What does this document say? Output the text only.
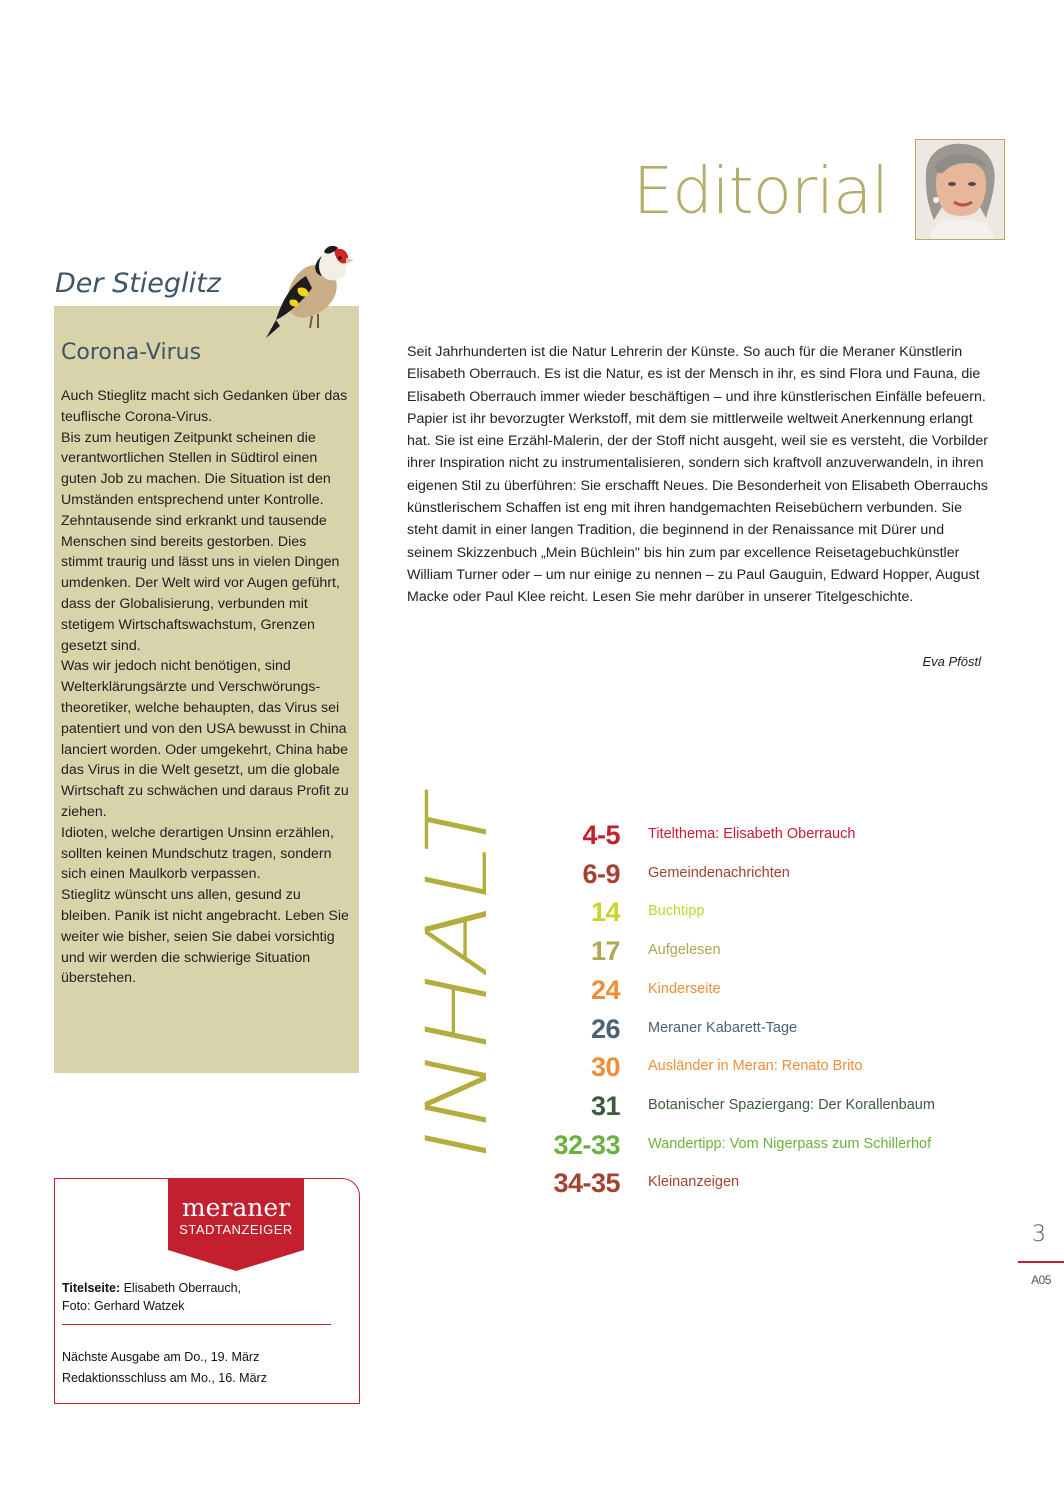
Editorial
Der Stieglitz
Corona-Virus

Auch Stieglitz macht sich Gedanken über das teuflische Corona-Virus.

Bis zum heutigen Zeitpunkt scheinen die verantwortlichen Stellen in Südtirol einen guten Job zu machen. Die Situation ist den Umständen entsprechend unter Kontrolle. Zehntausende sind erkrankt und tausende Menschen sind bereits gestorben. Dies stimmt traurig und lässt uns in vielen Dingen umdenken. Der Welt wird vor Augen geführt, dass der Globalisierung, verbunden mit stetigem Wirtschaftswachstum, Grenzen gesetzt sind.

Was wir jedoch nicht benötigen, sind Welterklärungsärzte und Verschwörungs-theoretiker, welche behaupten, das Virus sei patentiert und von den USA bewusst in China lanciert worden. Oder umgekehrt, China habe das Virus in die Welt gesetzt, um die globale Wirtschaft zu schwächen und daraus Profit zu ziehen.

Idioten, welche derartigen Unsinn erzählen, sollten keinen Mundschutz tragen, sondern sich einen Maulkorb verpassen.

Stieglitz wünscht uns allen, gesund zu bleiben. Panik ist nicht angebracht. Leben Sie weiter wie bisher, seien Sie dabei vorsichtig und wir werden die schwierige Situation überstehen.

Seit Jahrhunderten ist die Natur Lehrerin der Künste. So auch für die Meraner Künstlerin Elisabeth Oberrauch. Es ist die Natur, es ist der Mensch in ihr, es sind Flora und Fauna, die Elisabeth Oberrauch immer wieder beschäftigen – und ihre künstlerischen Einfälle befeuern. Papier ist ihr bevorzugter Werkstoff, mit dem sie mittlerweile weltweit Anerkennung erlangt hat. Sie ist eine Erzähl-Malerin, der der Stoff nicht ausgeht, weil sie es versteht, die Vorbilder ihrer Inspiration nicht zu instrumentalisieren, sondern sich kraftvoll anzuverwandeln, in ihren eigenen Stil zu überführen: Sie erschafft Neues. Die Besonderheit von Elisabeth Oberrauchs künstlerischem Schaffen ist eng mit ihren handgemachten Reisebüchern verbunden. Sie steht damit in einer langen Tradition, die beginnend in der Renaissance mit Dürer und seinem Skizzenbuch „Mein Büchlein" bis hin zum par excellence Reisetagebuchkünstler William Turner oder – um nur einige zu nennen – zu Paul Gauguin, Edward Hopper, August Macke oder Paul Klee reicht. Lesen Sie mehr darüber in unserer Titelgeschichte.

Eva Pföstl
INHALT
4-5 Titelthema: Elisabeth Oberrauch
6-9 Gemeindenachrichten
14 Buchtipp
17 Aufgelesen
24 Kinderseite
26 Meraner Kabarett-Tage
30 Ausländer in Meran: Renato Brito
31 Botanischer Spaziergang: Der Korallenbaum
32-33 Wandertipp: Vom Nigerpass zum Schillerhof
34-35 Kleinanzeigen
meraner
STADTANZEIGER
Titelseite: Elisabeth Oberrauch,
Foto: Gerhard Watzek
Nächste Ausgabe am Do., 19. März
Redaktionsschluss am Mo., 16. März
3
A05
